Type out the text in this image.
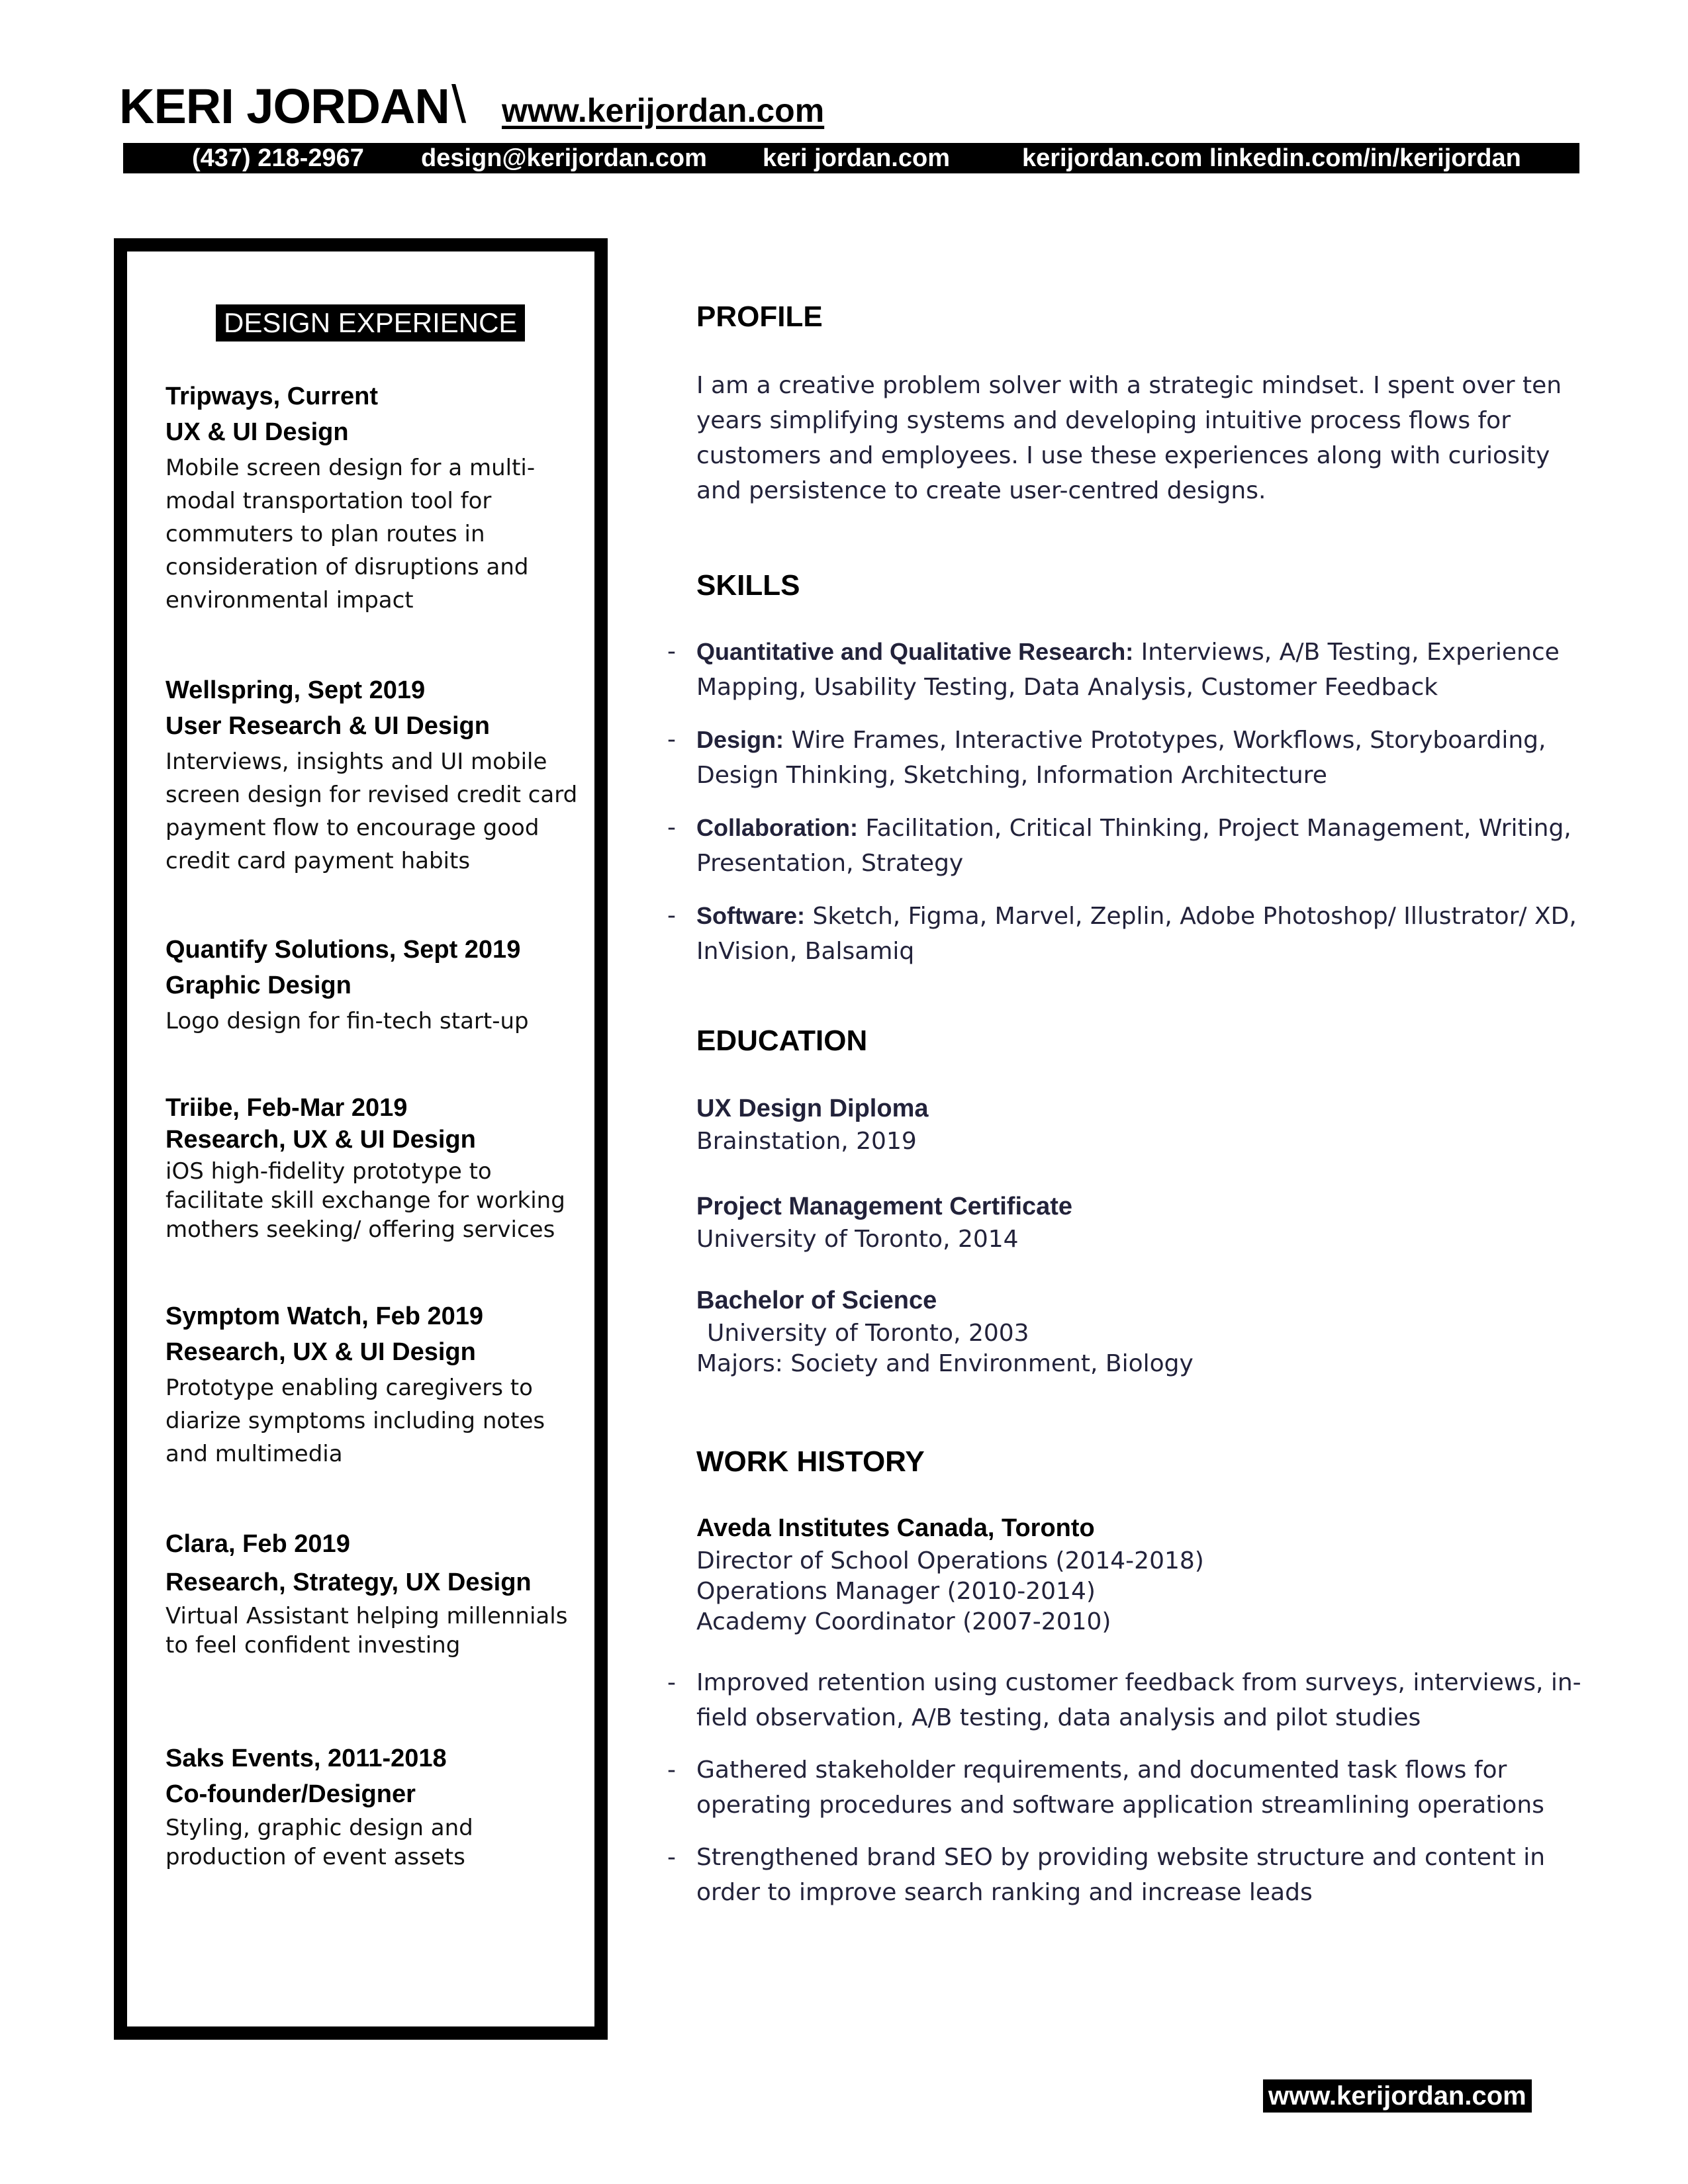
KERI JORDAN \ www.kerijordan.com
(437) 218-2967 design@kerijordan.com keri jordan.com	kerijordan.com linkedin.com/in/kerijordan
DESIGN EXPERIENCE
Tripways, Current
UX & UI Design
Mobile screen design for a multi-modal transportation tool for commuters to plan routes in consideration of disruptions and environmental impact
Wellspring, Sept 2019
User Research & UI Design
Interviews, insights and UI mobile screen design for revised credit card payment flow to encourage good credit card payment habits
Quantify Solutions, Sept 2019
Graphic Design
Logo design for fin-tech start-up
Triibe, Feb-Mar 2019
Research, UX & UI Design
iOS high-fidelity prototype to facilitate skill exchange for working mothers seeking/ offering services
Symptom Watch, Feb 2019
Research, UX & UI Design
Prototype enabling caregivers to diarize symptoms including notes and multimedia
Clara, Feb 2019
Research, Strategy, UX Design
Virtual Assistant helping millennials to feel confident investing
Saks Events, 2011-2018
Co-founder/Designer
Styling, graphic design and production of event assets
PROFILE
I am a creative problem solver with a strategic mindset. I spent over ten years simplifying systems and developing intuitive process flows for customers and employees. I use these experiences along with curiosity and persistence to create user-centred designs.
SKILLS
- Quantitative and Qualitative Research: Interviews, A/B Testing, Experience Mapping, Usability Testing, Data Analysis, Customer Feedback
- Design: Wire Frames, Interactive Prototypes, Workflows, Storyboarding, Design Thinking, Sketching, Information Architecture
- Collaboration: Facilitation, Critical Thinking, Project Management, Writing, Presentation, Strategy
- Software: Sketch, Figma, Marvel, Zeplin, Adobe Photoshop/ Illustrator/ XD, InVision, Balsamiq
EDUCATION
UX Design Diploma
Brainstation, 2019
Project Management Certificate
University of Toronto, 2014
Bachelor of Science
University of Toronto, 2003
Majors: Society and Environment, Biology
WORK HISTORY
Aveda Institutes Canada, Toronto
Director of School Operations (2014-2018)
Operations Manager (2010-2014)
Academy Coordinator (2007-2010)
- Improved retention using customer feedback from surveys, interviews, in-field observation, A/B testing, data analysis and pilot studies
- Gathered stakeholder requirements, and documented task flows for operating procedures and software application streamlining operations
- Strengthened brand SEO by providing website structure and content in order to improve search ranking and increase leads
www.kerijordan.com
